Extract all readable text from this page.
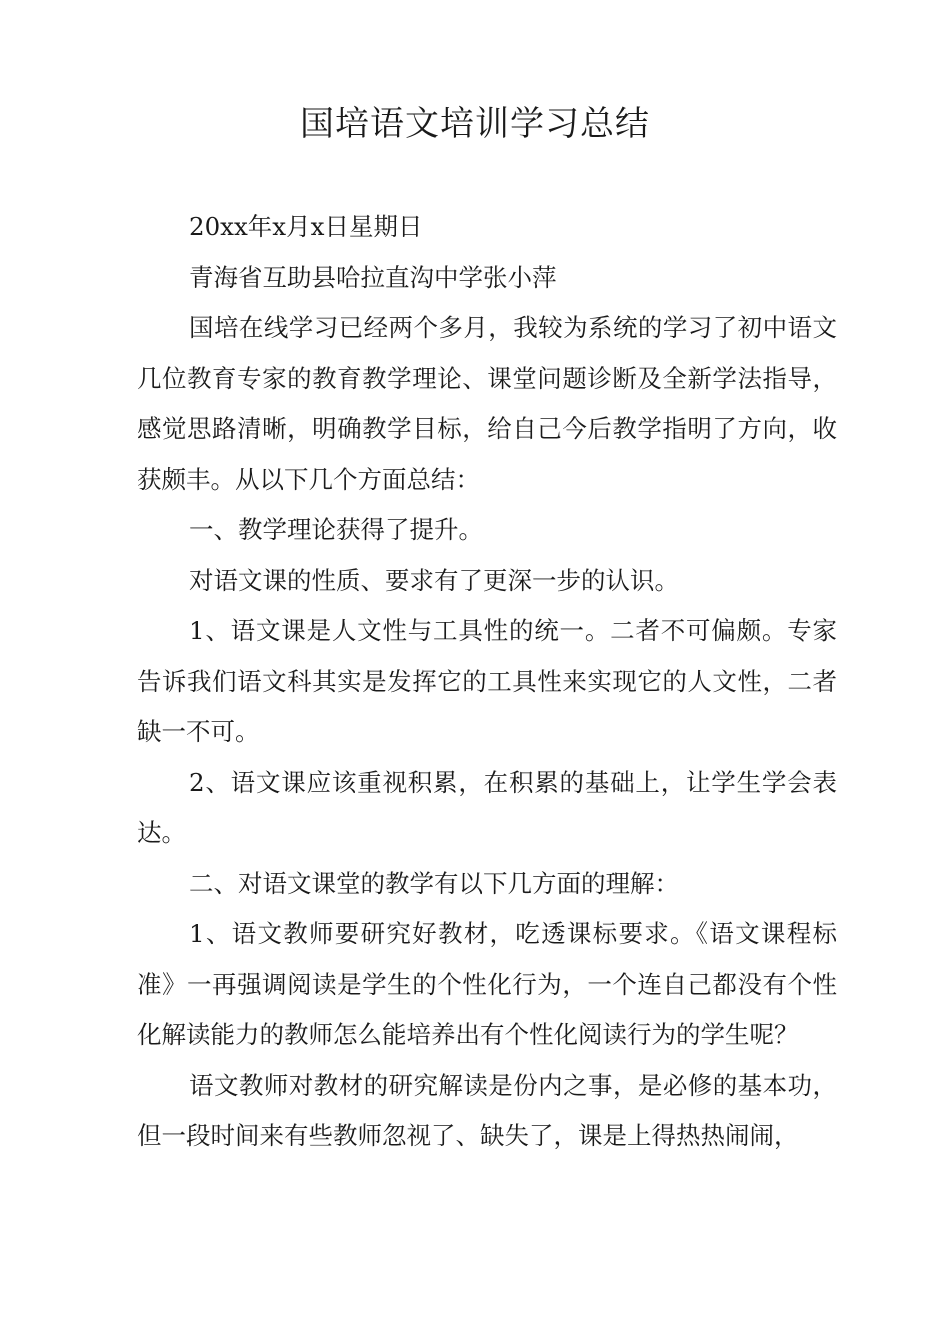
国培语文培训学习总结

20xx年x月x日星期日

青海省互助县哈拉直沟中学张小萍

国培在线学习已经两个多月，我较为系统的学习了初中语文几位教育专家的教育教学理论、课堂问题诊断及全新学法指导，感觉思路清晰，明确教学目标，给自己今后教学指明了方向，收获颇丰。从以下几个方面总结：

一、教学理论获得了提升。

对语文课的性质、要求有了更深一步的认识。

1、语文课是人文性与工具性的统一。二者不可偏颇。专家告诉我们语文科其实是发挥它的工具性来实现它的人文性，二者缺一不可。

2、语文课应该重视积累，在积累的基础上，让学生学会表达。

二、对语文课堂的教学有以下几方面的理解：

1、语文教师要研究好教材，吃透课标要求。《语文课程标准》一再强调阅读是学生的个性化行为，一个连自己都没有个性化解读能力的教师怎么能培养出有个性化阅读行为的学生呢？

语文教师对教材的研究解读是份内之事，是必修的基本功，但一段时间来有些教师忽视了、缺失了，课是上得热热闹闹，
